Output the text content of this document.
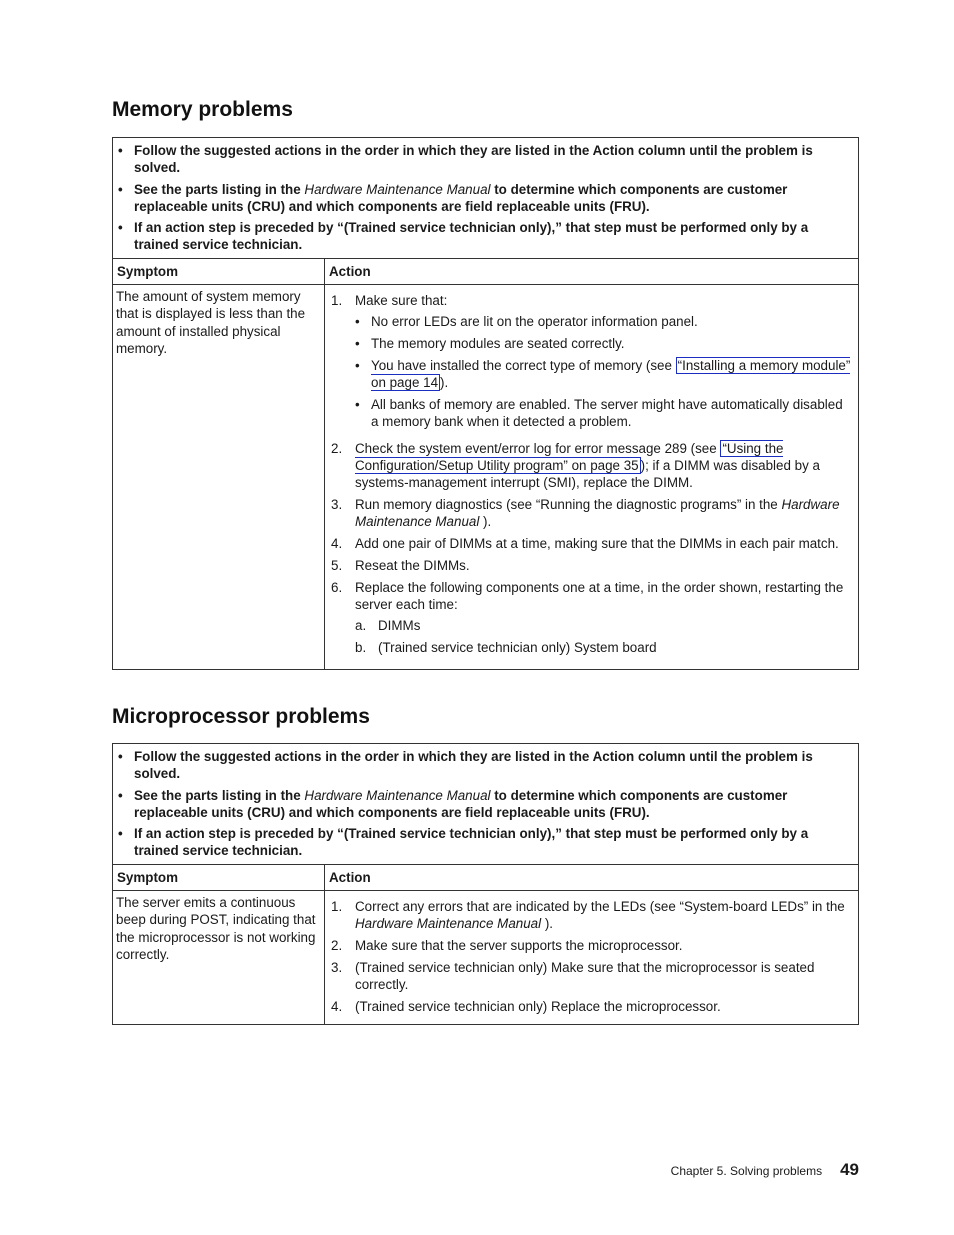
Memory problems
• Follow the suggested actions in the order in which they are listed in the Action column until the problem is solved.
• See the parts listing in the Hardware Maintenance Manual to determine which components are customer replaceable units (CRU) and which components are field replaceable units (FRU).
• If an action step is preceded by “(Trained service technician only),” that step must be performed only by a trained service technician.
Symptom	Action
The amount of system memory that is displayed is less than the amount of installed physical memory.
1. Make sure that:
• No error LEDs are lit on the operator information panel.
• The memory modules are seated correctly.
• You have installed the correct type of memory (see “Installing a memory module” on page 14 ).
• All banks of memory are enabled. The server might have automatically disabled a memory bank when it detected a problem.
2. Check the system event/error log for error message 289 (see “Using the Configuration/Setup Utility program” on page 35 ); if a DIMM was disabled by a systems-management interrupt (SMI), replace the DIMM.
3. Run memory diagnostics (see “Running the diagnostic programs” in the Hardware Maintenance Manual ).
4. Add one pair of DIMMs at a time, making sure that the DIMMs in each pair match.
5. Reseat the DIMMs.
6. Replace the following components one at a time, in the order shown, restarting the server each time:
a. DIMMs
b. (Trained service technician only) System board
Microprocessor problems
• Follow the suggested actions in the order in which they are listed in the Action column until the problem is solved.
• See the parts listing in the Hardware Maintenance Manual to determine which components are customer replaceable units (CRU) and which components are field replaceable units (FRU).
• If an action step is preceded by “(Trained service technician only),” that step must be performed only by a trained service technician.
Symptom	Action
The server emits a continuous beep during POST, indicating that the microprocessor is not working correctly.
1. Correct any errors that are indicated by the LEDs (see “System-board LEDs” in the Hardware Maintenance Manual ).
2. Make sure that the server supports the microprocessor.
3. (Trained service technician only) Make sure that the microprocessor is seated correctly.
4. (Trained service technician only) Replace the microprocessor.
Chapter 5. Solving problems 49
